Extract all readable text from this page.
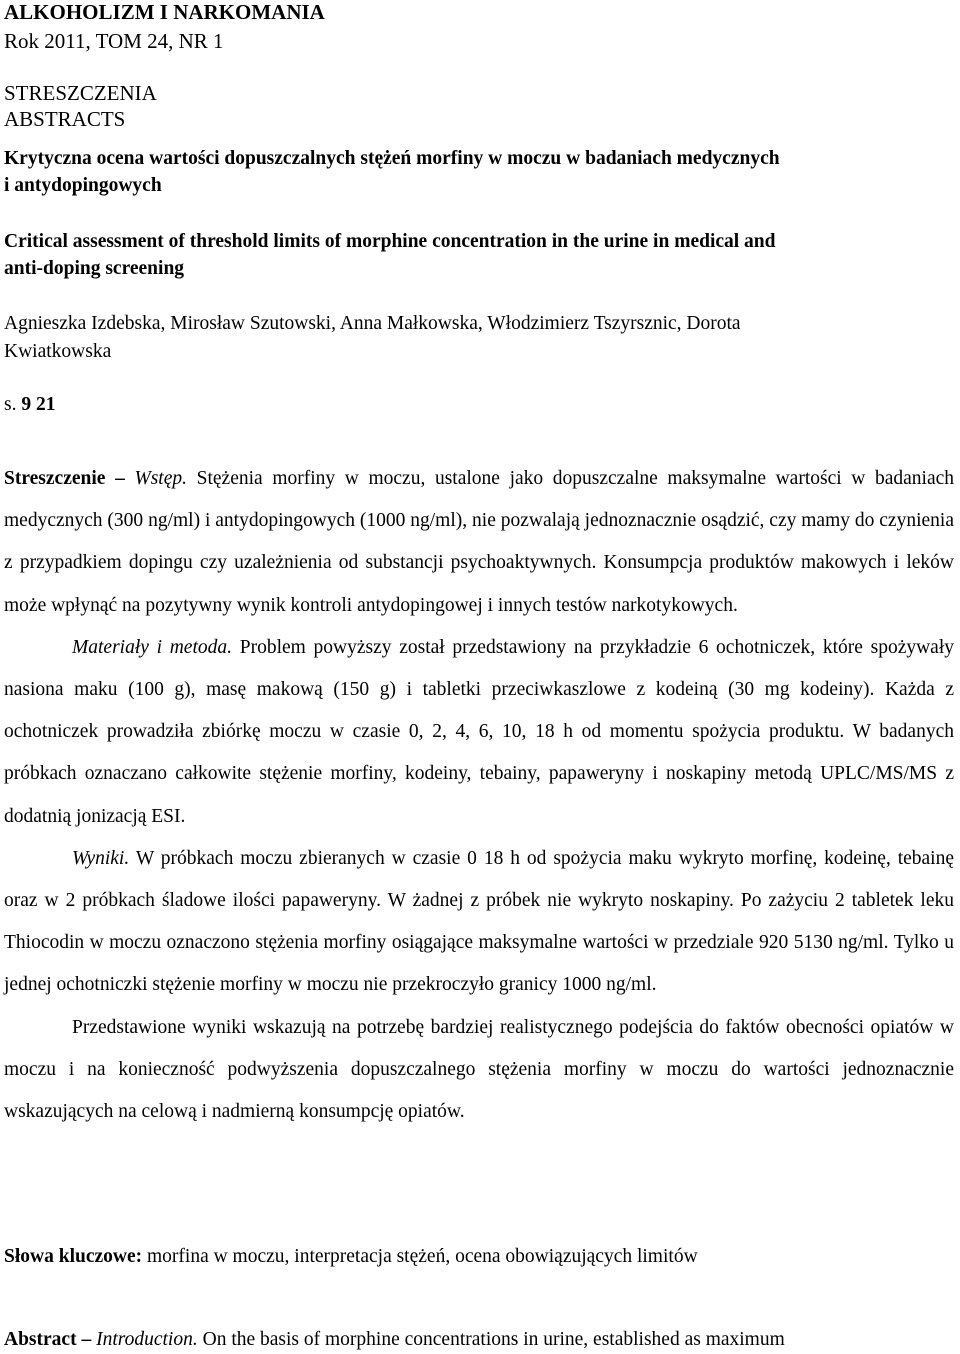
ALKOHOLIZM I NARKOMANIA
Rok 2011, TOM 24, NR 1
STRESZCZENIA
ABSTRACTS
Krytyczna ocena wartości dopuszczalnych stężeń morfiny w moczu w badaniach medycznych
i antydopingowych
Critical assessment of threshold limits of morphine concentration in the urine in medical and
anti-doping screening
Agnieszka Izdebska, Mirosław Szutowski, Anna Małkowska, Włodzimierz Tszyrsznic, Dorota
Kwiatkowska
s. 9 21

Streszczenie – Wstęp. Stężenia morfiny w moczu, ustalone jako dopuszczalne maksymalne wartości w badaniach medycznych (300 ng/ml) i antydopingowych (1000 ng/ml), nie pozwalają jednoznacznie osądzić, czy mamy do czynienia z przypadkiem dopingu czy uzależnienia od substancji psychoaktywnych. Konsumpcja produktów makowych i leków może wpłynąć na pozytywny wynik kontroli antydopingowej i innych testów narkotykowych.

Materiały i metoda. Problem powyższy został przedstawiony na przykładzie 6 ochotniczek, które spożywały nasiona maku (100 g), masę makową (150 g) i tabletki przeciwkaszlowe z kodeiną (30 mg kodeiny). Każda z ochotniczek prowadziła zbiórkę moczu w czasie 0, 2, 4, 6, 10, 18 h od momentu spożycia produktu. W badanych próbkach oznaczano całkowite stężenie morfiny, kodeiny, tebainy, papaweryny i noskapiny metodą UPLC/MS/MS z dodatnią jonizacją ESI.

Wyniki. W próbkach moczu zbieranych w czasie 0 18 h od spożycia maku wykryto morfinę, kodeinę, tebainę oraz w 2 próbkach śladowe ilości papaweryny. W żadnej z próbek nie wykryto noskapiny. Po zażyciu 2 tabletek leku Thiocodin w moczu oznaczono stężenia morfiny osiągające maksymalne wartości w przedziale 920 5130 ng/ml. Tylko u jednej ochotniczki stężenie morfiny w moczu nie przekroczyło granicy 1000 ng/ml.

Przedstawione wyniki wskazują na potrzebę bardziej realistycznego podejścia do faktów obecności opiatów w moczu i na konieczność podwyższenia dopuszczalnego stężenia morfiny w moczu do wartości jednoznacznie wskazujących na celową i nadmierną konsumpcję opiatów.

Słowa kluczowe: morfina w moczu, interpretacja stężeń, ocena obowiązujących limitów
Abstract – Introduction. On the basis of morphine concentrations in urine, established as maximum
